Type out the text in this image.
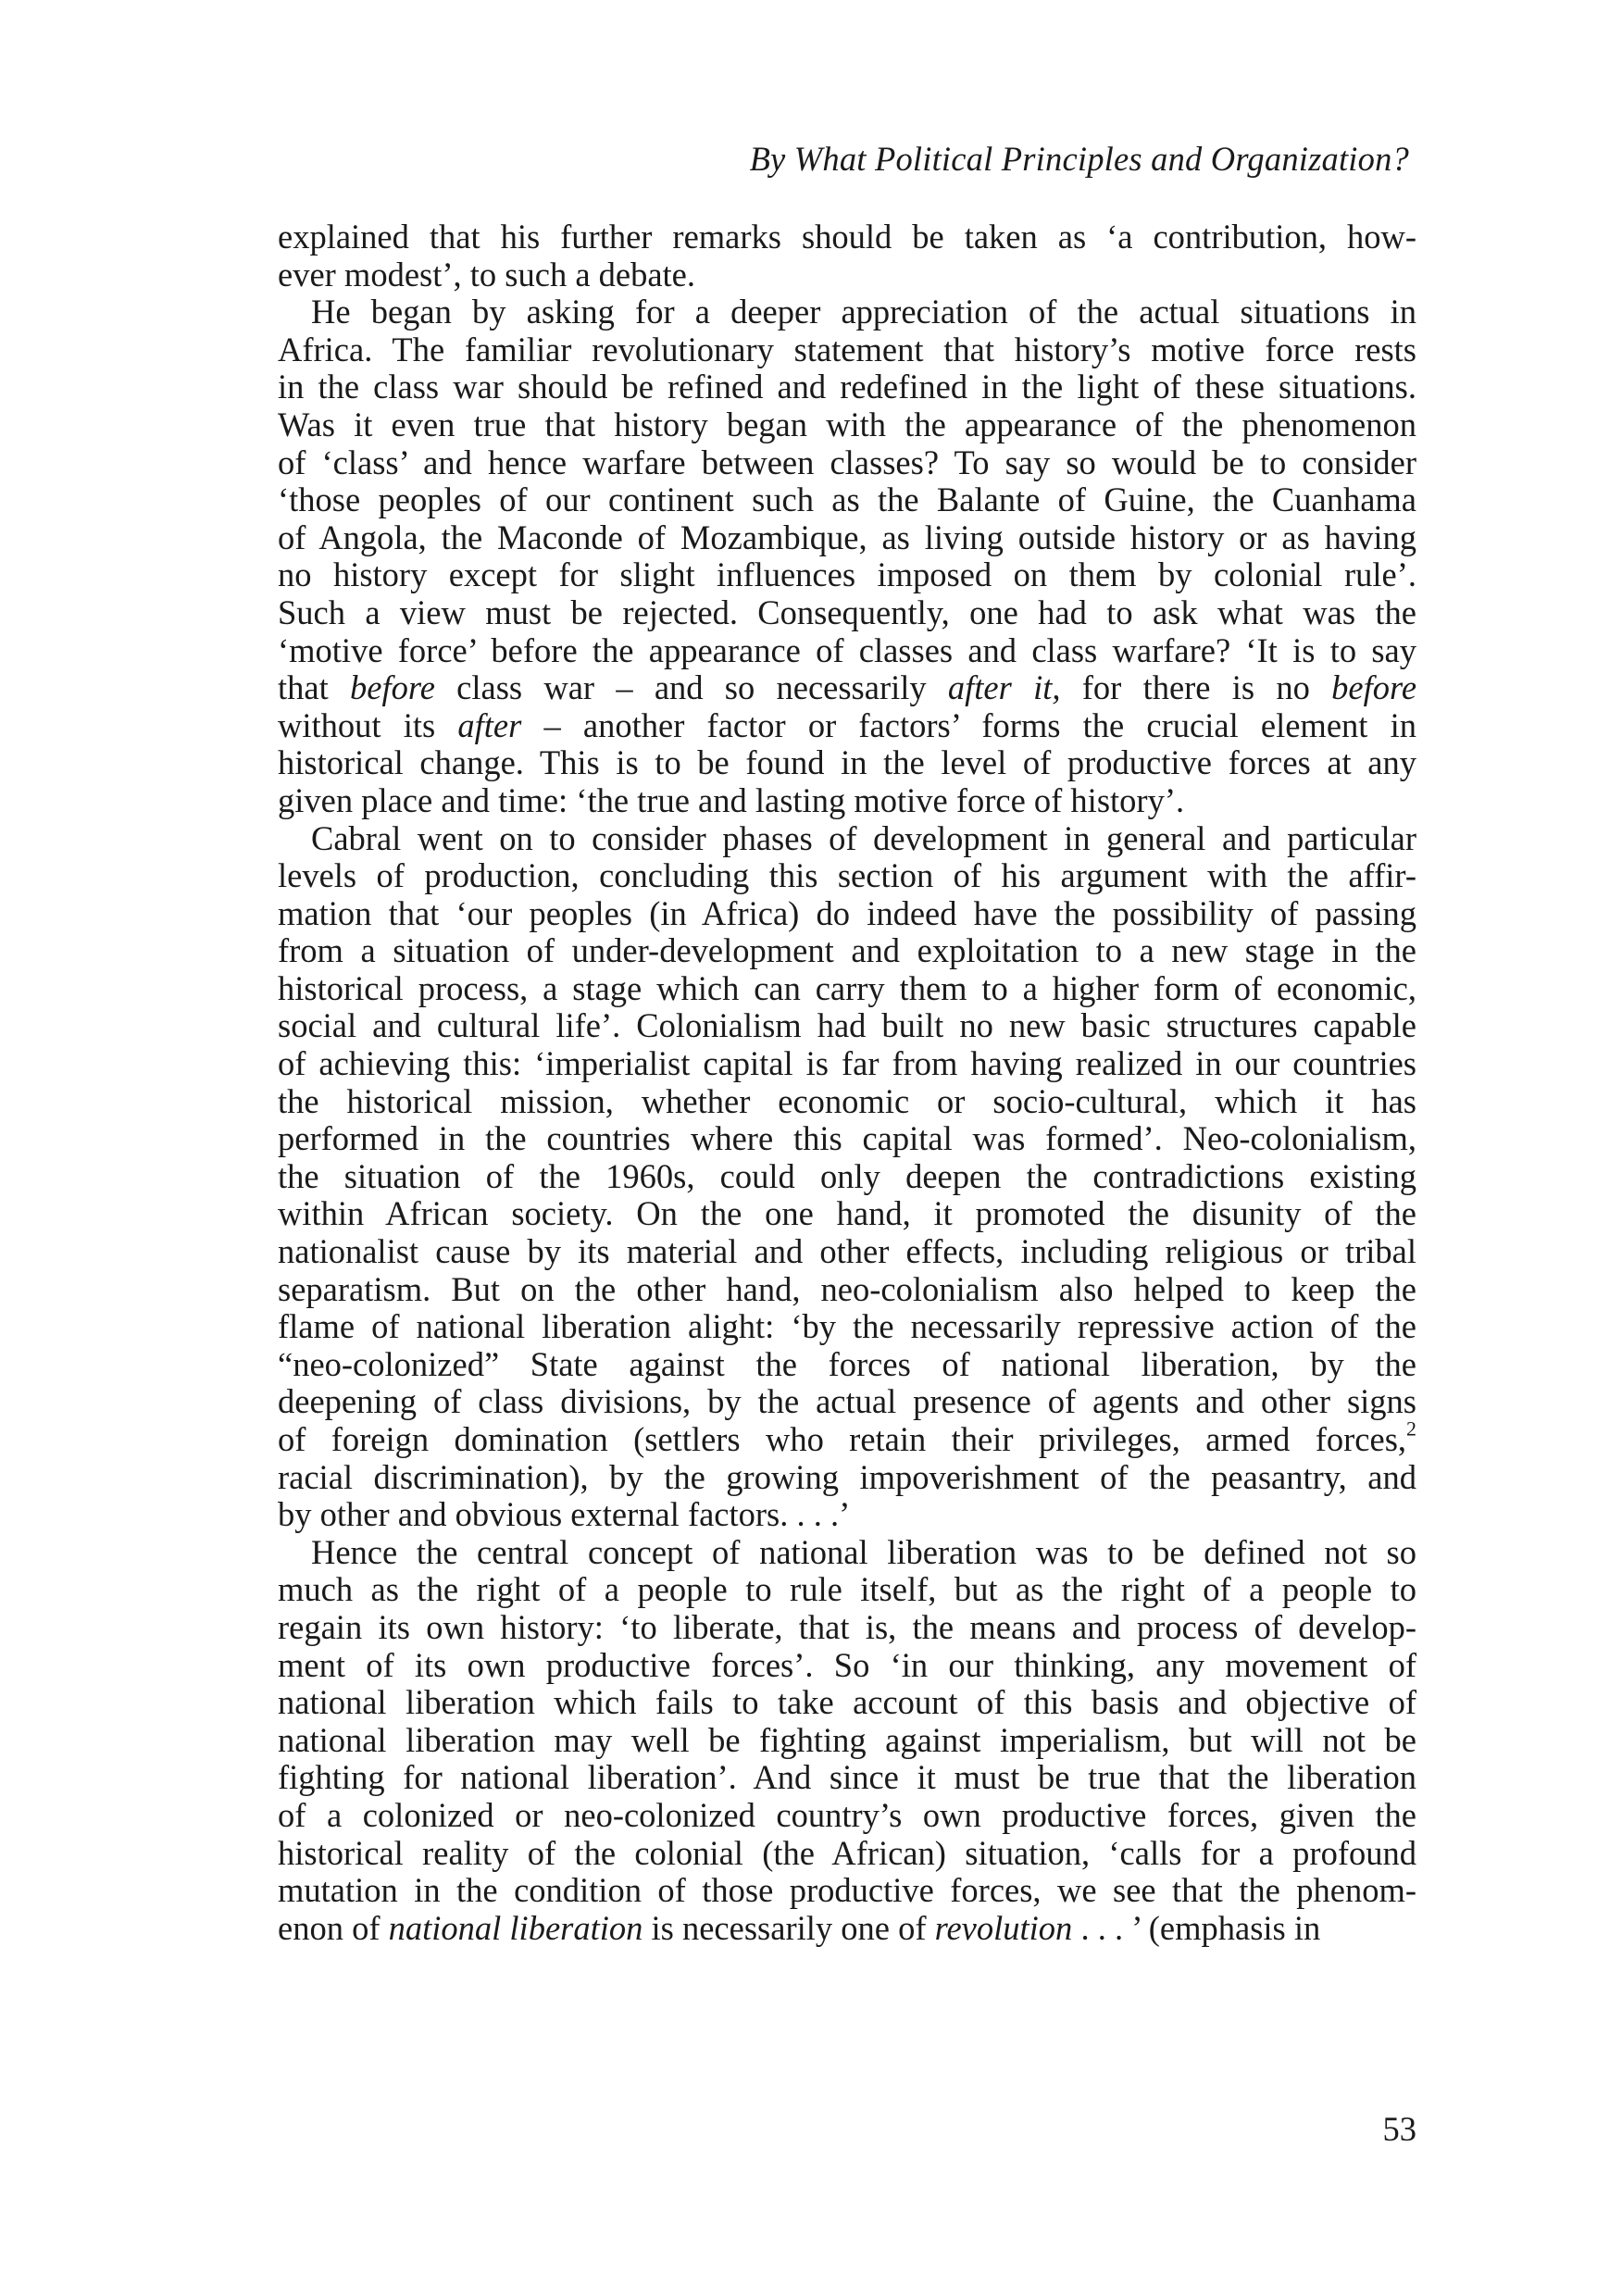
By What Political Principles and Organization?
explained that his further remarks should be taken as ‘a contribution, how-
ever modest’, to such a debate.
He began by asking for a deeper appreciation of the actual situations in
Africa. The familiar revolutionary statement that history’s motive force rests
in the class war should be refined and redefined in the light of these situations.
Was it even true that history began with the appearance of the phenomenon
of ‘class’ and hence warfare between classes? To say so would be to consider
‘those peoples of our continent such as the Balante of Guine, the Cuanhama
of Angola, the Maconde of Mozambique, as living outside history or as having
no history except for slight influences imposed on them by colonial rule’.
Such a view must be rejected. Consequently, one had to ask what was the
‘motive force’ before the appearance of classes and class warfare? ‘It is to say
that before class war – and so necessarily after it, for there is no before
without its after – another factor or factors’ forms the crucial element in
historical change. This is to be found in the level of productive forces at any
given place and time: ‘the true and lasting motive force of history’.
Cabral went on to consider phases of development in general and particular
levels of production, concluding this section of his argument with the affir-
mation that ‘our peoples (in Africa) do indeed have the possibility of passing
from a situation of under-development and exploitation to a new stage in the
historical process, a stage which can carry them to a higher form of economic,
social and cultural life’. Colonialism had built no new basic structures capable
of achieving this: ‘imperialist capital is far from having realized in our countries
the historical mission, whether economic or socio-cultural, which it has
performed in the countries where this capital was formed’. Neo-colonialism,
the situation of the 1960s, could only deepen the contradictions existing
within African society. On the one hand, it promoted the disunity of the
nationalist cause by its material and other effects, including religious or tribal
separatism. But on the other hand, neo-colonialism also helped to keep the
flame of national liberation alight: ‘by the necessarily repressive action of the
“neo-colonized” State against the forces of national liberation, by the
deepening of class divisions, by the actual presence of agents and other signs
of foreign domination (settlers who retain their privileges, armed forces,$^2$
racial discrimination), by the growing impoverishment of the peasantry, and
by other and obvious external factors. . . .’
Hence the central concept of national liberation was to be defined not so
much as the right of a people to rule itself, but as the right of a people to
regain its own history: ‘to liberate, that is, the means and process of develop-
ment of its own productive forces’. So ‘in our thinking, any movement of
national liberation which fails to take account of this basis and objective of
national liberation may well be fighting against imperialism, but will not be
fighting for national liberation’. And since it must be true that the liberation
of a colonized or neo-colonized country’s own productive forces, given the
historical reality of the colonial (the African) situation, ‘calls for a profound
mutation in the condition of those productive forces, we see that the phenom-
enon of national liberation is necessarily one of revolution . . . ’ (emphasis in
53
